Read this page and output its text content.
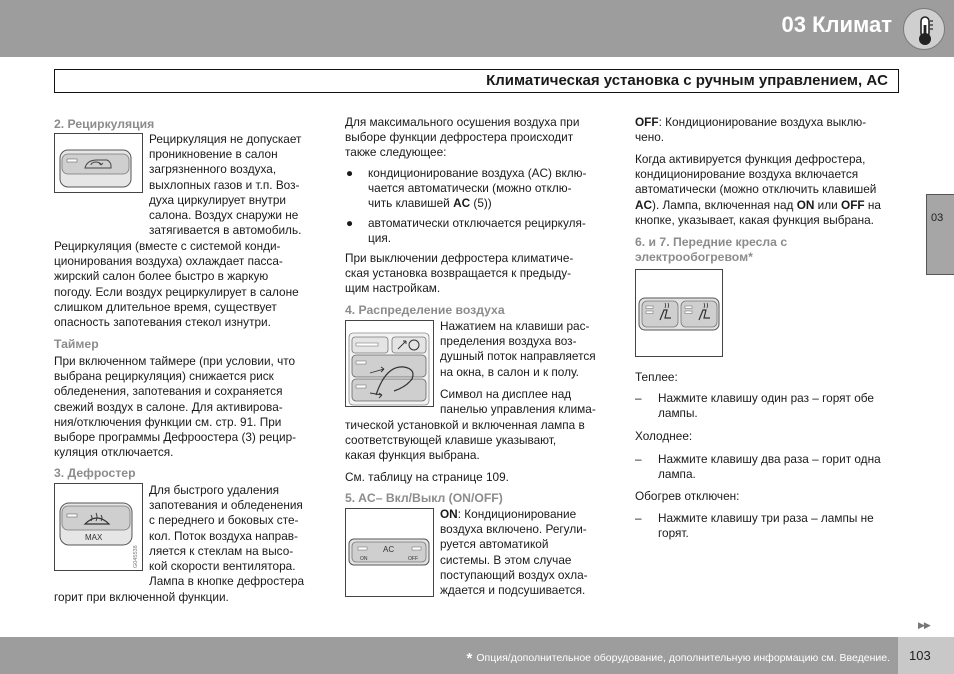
03 Климат
Климатическая установка с ручным управлением, AC
03
2. Рециркуляция
Рециркуляция не допускает
проникновение в салон
загрязненного воздуха,
выхлопных газов и т.п. Воз-
духа циркулирует внутри
салона. Воздух снаружи не
затягивается в автомобиль.
Рециркуляция (вместе с системой конди-
ционирования воздуха) охлаждает пасса-
жирский салон более быстро в жаркую
погоду. Если воздух рециркулирует в салоне
слишком длительное время, существует
опасность запотевания стекол изнутри.
Таймер
При включенном таймере (при условии, что
выбрана рециркуляция) снижается риск
обледенения, запотевания и сохраняется
свежий воздух в салоне. Для активирова-
ния/отключения функции см. стр. 91. При
выборе программы Дефрооcтера (3) рецир-
куляция отключается.
3. Дефростер
MAX
G045538
Для быстрого удаления
запотевания и обледенения
с переднего и боковых сте-
кол. Поток воздуха направ-
ляется к стеклам на высо-
кой скорости вентилятора.
Лампа в кнопке дефростера
горит при включенной функции.
Для максимального осушения воздуха при
выборе функции дефростера происходит
также следующее:
● кондиционирование воздуха (AC) вклю-
чается автоматически (можно отклю-
чить клавишей AC (5))
● автоматически отключается рециркуля-
ция.
При выключении дефростера климатиче-
ская установка возвращается к предыду-
щим настройкам.
4. Распределение воздуха
Нажатием на клавиши рас-
пределения воздуха воз-
душный поток направляется
на окна, в салон и к полу.
Символ на дисплее над
панелью управления клима-
тической установкой и включенная лампа в
соответствующей клавише указывают,
какая функция выбрана.
См. таблицу на странице 109.
5. AC– Вкл/Выкл (ON/OFF)
AC
ON	OFF
ON: Кондиционирование
воздуха включено. Регули-
руется автоматикой
системы. В этом случае
поступающий воздух охла-
ждается и подсушивается.
OFF: Кондиционирование воздуха выклю-
чено.
Когда активируется функция дефростера,
кондиционирование воздуха включается
автоматически (можно отключить клавишей
AC). Лампа, включенная над ON или OFF на
кнопке, указывает, какая функция выбрана.
6. и 7. Передние кресла с
электрообогревом*
Теплее:
– Нажмите клавишу один раз – горят обе
лампы.
Холоднее:
– Нажмите клавишу два раза – горит одна
лампа.
Обогрев отключен:
– Нажмите клавишу три раза – лампы не
горят.
▶▶
* Опция/дополнительное оборудование, дополнительную информацию см. Введение. 103
